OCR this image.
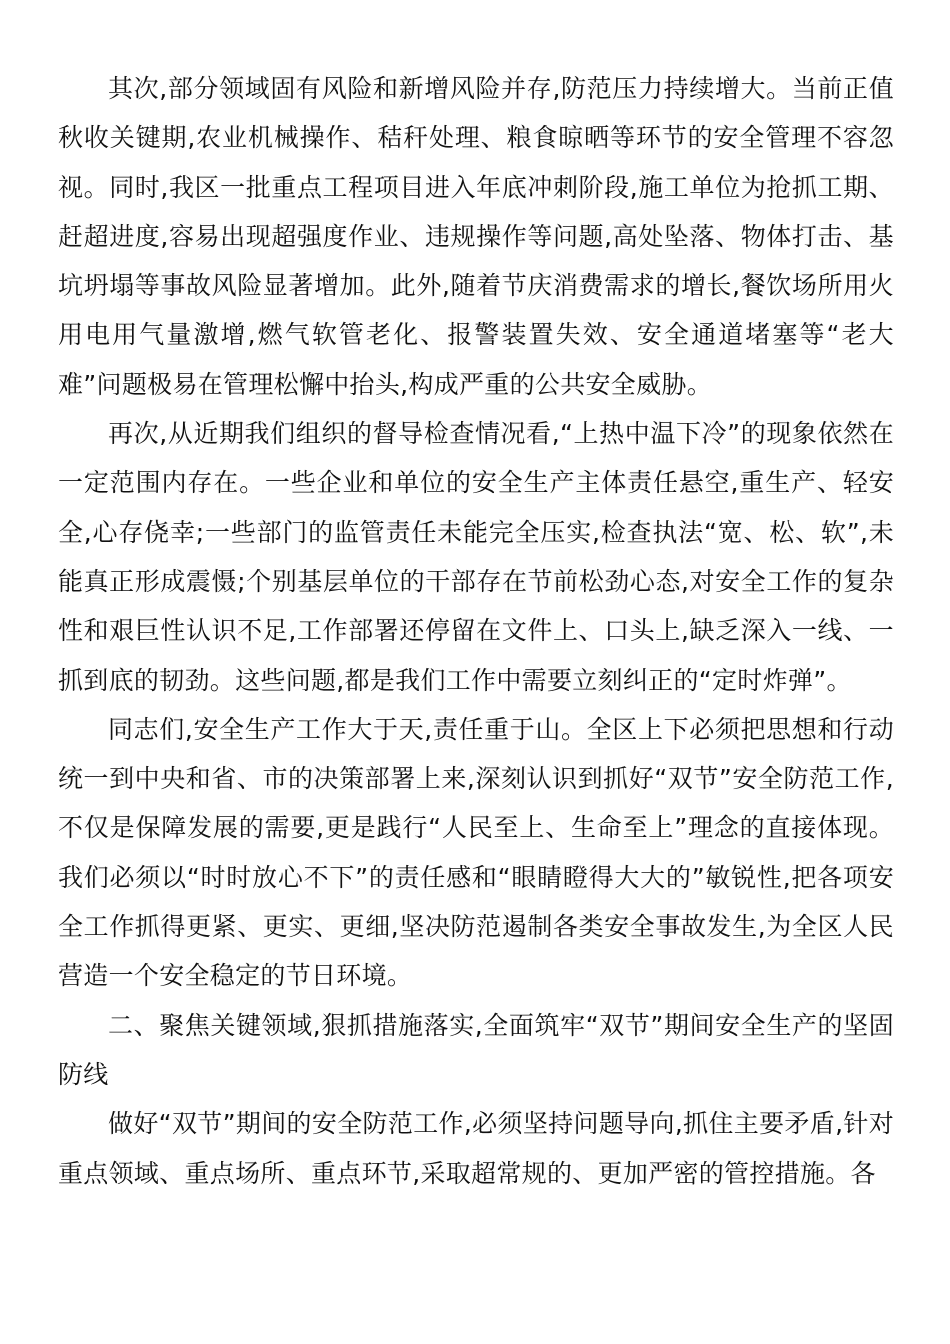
其次,部分领域固有风险和新增风险并存,防范压力持续增大。当前正值秋收关键期,农业机械操作、秸秆处理、粮食晾晒等环节的安全管理不容忽视。同时,我区一批重点工程项目进入年底冲刺阶段,施工单位为抢抓工期、赶超进度,容易出现超强度作业、违规操作等问题,高处坠落、物体打击、基坑坍塌等事故风险显著增加。此外,随着节庆消费需求的增长,餐饮场所用火用电用气量激增,燃气软管老化、报警装置失效、安全通道堵塞等“老大难”问题极易在管理松懈中抬头,构成严重的公共安全威胁。

再次,从近期我们组织的督导检查情况看,“上热中温下冷”的现象依然在一定范围内存在。一些企业和单位的安全生产主体责任悬空,重生产、轻安全,心存侥幸;一些部门的监管责任未能完全压实,检查执法“宽、松、软”,未能真正形成震慑;个别基层单位的干部存在节前松劲心态,对安全工作的复杂性和艰巨性认识不足,工作部署还停留在文件上、口头上,缺乏深入一线、一抓到底的韧劲。这些问题,都是我们工作中需要立刻纠正的“定时炸弹”。

同志们,安全生产工作大于天,责任重于山。全区上下必须把思想和行动统一到中央和省、市的决策部署上来,深刻认识到抓好“双节”安全防范工作,不仅是保障发展的需要,更是践行“人民至上、生命至上”理念的直接体现。我们必须以“时时放心不下”的责任感和“眼睛瞪得大大的”敏锐性,把各项安全工作抓得更紧、更实、更细,坚决防范遏制各类安全事故发生,为全区人民营造一个安全稳定的节日环境。

二、聚焦关键领域,狠抓措施落实,全面筑牢“双节”期间安全生产的坚固防线

做好“双节”期间的安全防范工作,必须坚持问题导向,抓住主要矛盾,针对重点领域、重点场所、重点环节,采取超常规的、更加严密的管控措施。各
